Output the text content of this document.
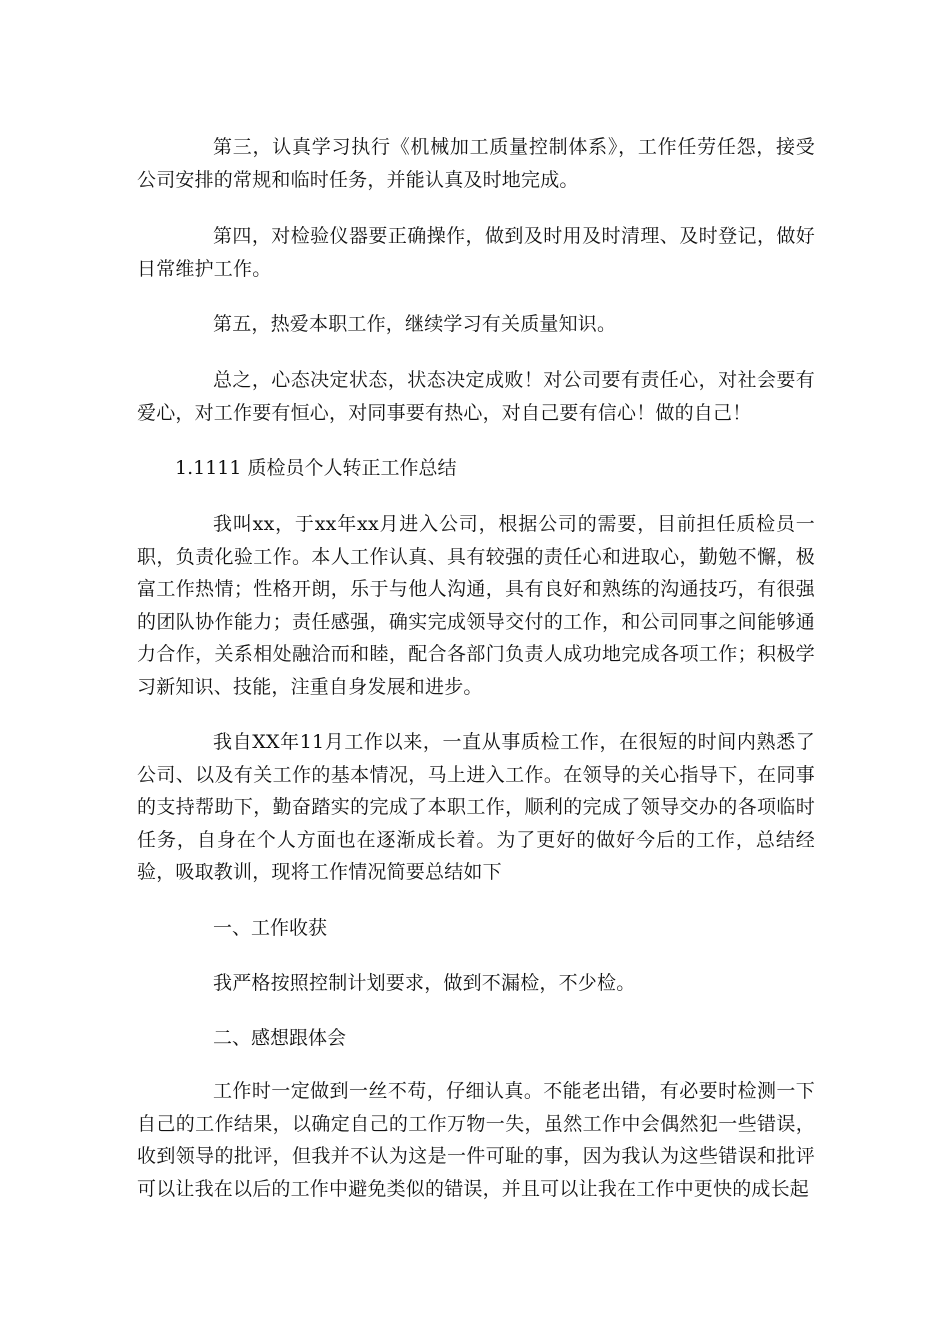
第三，认真学习执行《机械加工质量控制体系》，工作任劳任怨，接受公司安排的常规和临时任务，并能认真及时地完成。

第四，对检验仪器要正确操作，做到及时用及时清理、及时登记，做好日常维护工作。

第五，热爱本职工作，继续学习有关质量知识。

总之，心态决定状态，状态决定成败！对公司要有责任心，对社会要有爱心，对工作要有恒心，对同事要有热心，对自己要有信心！做的自己！

1.1111 质检员个人转正工作总结

我叫xx，于xx年xx月进入公司，根据公司的需要，目前担任质检员一职，负责化验工作。本人工作认真、具有较强的责任心和进取心，勤勉不懈，极富工作热情；性格开朗，乐于与他人沟通，具有良好和熟练的沟通技巧，有很强的团队协作能力；责任感强，确实完成领导交付的工作，和公司同事之间能够通力合作，关系相处融洽而和睦，配合各部门负责人成功地完成各项工作；积极学习新知识、技能，注重自身发展和进步。

我自XX年11月工作以来，一直从事质检工作，在很短的时间内熟悉了公司、以及有关工作的基本情况，马上进入工作。在领导的关心指导下，在同事的支持帮助下，勤奋踏实的完成了本职工作，顺利的完成了领导交办的各项临时任务，自身在个人方面也在逐渐成长着。为了更好的做好今后的工作，总结经验，吸取教训，现将工作情况简要总结如下

一、工作收获

我严格按照控制计划要求，做到不漏检，不少检。

二、感想跟体会

工作时一定做到一丝不苟，仔细认真。不能老出错，有必要时检测一下自己的工作结果，以确定自己的工作万物一失，虽然工作中会偶然犯一些错误，收到领导的批评，但我并不认为这是一件可耻的事，因为我认为这些错误和批评可以让我在以后的工作中避免类似的错误，并且可以让我在工作中更快的成长起
